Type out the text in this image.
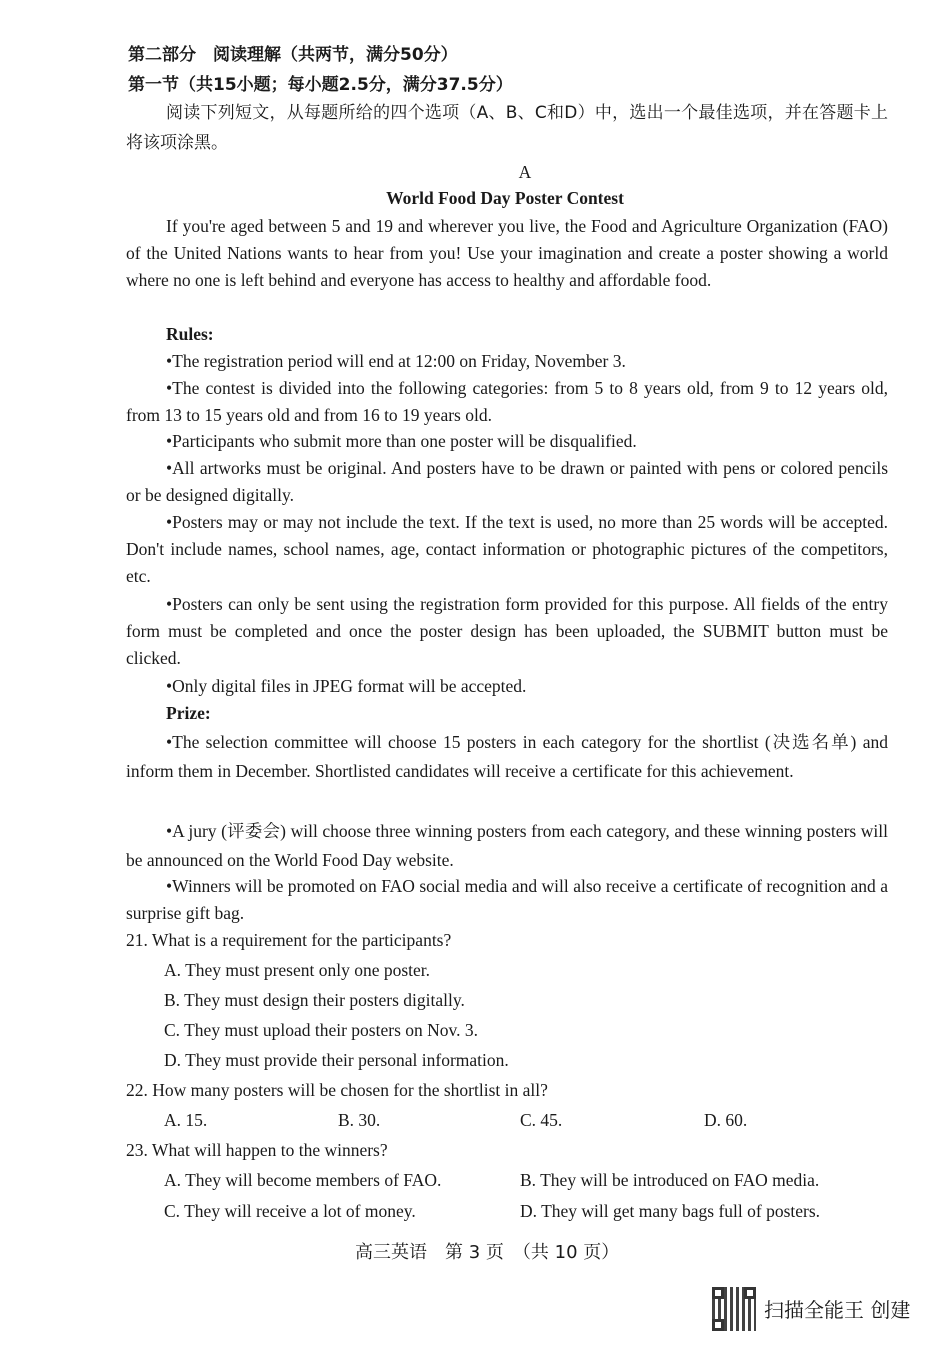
第二部分　阅读理解（共两节，满分50分）
第一节（共15小题；每小题2.5分，满分37.5分）

阅读下列短文，从每题所给的四个选项（A、B、C和D）中，选出一个最佳选项，并在答题卡上将该项涂黑。

A
World Food Day Poster Contest

If you're aged between 5 and 19 and wherever you live, the Food and Agriculture Organization (FAO) of the United Nations wants to hear from you! Use your imagination and create a poster showing a world where no one is left behind and everyone has access to healthy and affordable food.

Rules:

•The registration period will end at 12:00 on Friday, November 3.

•The contest is divided into the following categories: from 5 to 8 years old, from 9 to 12 years old, from 13 to 15 years old and from 16 to 19 years old.

•Participants who submit more than one poster will be disqualified.

•All artworks must be original. And posters have to be drawn or painted with pens or colored pencils or be designed digitally.

•Posters may or may not include the text. If the text is used, no more than 25 words will be accepted. Don't include names, school names, age, contact information or photographic pictures of the competitors, etc.

•Posters can only be sent using the registration form provided for this purpose. All fields of the entry form must be completed and once the poster design has been uploaded, the SUBMIT button must be clicked.

•Only digital files in JPEG format will be accepted.

Prize:

•The selection committee will choose 15 posters in each category for the shortlist (决选名单) and inform them in December. Shortlisted candidates will receive a certificate for this achievement.

•A jury (评委会) will choose three winning posters from each category, and these winning posters will be announced on the World Food Day website.

•Winners will be promoted on FAO social media and will also receive a certificate of recognition and a surprise gift bag.

21. What is a requirement for the participants?
A. They must present only one poster.
B. They must design their posters digitally.
C. They must upload their posters on Nov. 3.
D. They must provide their personal information.
22. How many posters will be chosen for the shortlist in all?
A. 15.	B. 30.	C. 45.	D. 60.
23. What will happen to the winners?
A. They will become members of FAO.	B. They will be introduced on FAO media.
C. They will receive a lot of money.	D. They will get many bags full of posters.
高三英语　第 3 页　（共 10 页）
扫描全能王 创建
